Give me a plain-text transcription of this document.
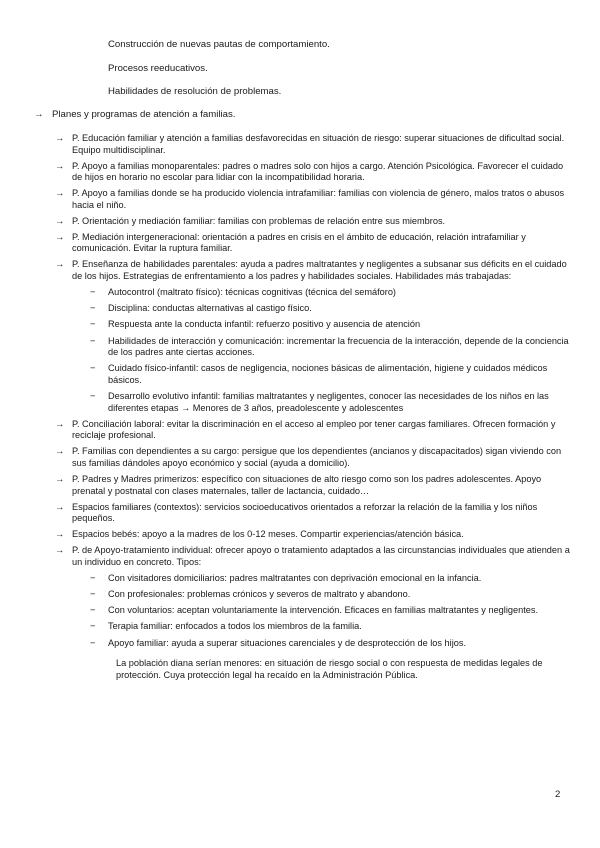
Construcción de nuevas pautas de comportamiento.
Procesos reeducativos.
Habilidades de resolución de problemas.
→ Planes y programas de atención a familias.
→ P. Educación familiar y atención a familias desfavorecidas en situación de riesgo: superar situaciones de dificultad social. Equipo multidisciplinar.
→ P. Apoyo a familias monoparentales: padres o madres solo con hijos a cargo. Atención Psicológica. Favorecer el cuidado de hijos en horario no escolar para lidiar con la incompatibilidad horaria.
→ P. Apoyo a familias donde se ha producido violencia intrafamiliar: familias con violencia de género, malos tratos o abusos hacia el niño.
→ P. Orientación y mediación familiar: familias con problemas de relación entre sus miembros.
→ P. Mediación intergeneracional: orientación a padres en crisis en el ámbito de educación, relación intrafamiliar y comunicación. Evitar la ruptura familiar.
→ P. Enseñanza de habilidades parentales: ayuda a padres maltratantes y negligentes a subsanar sus déficits en el cuidado de los hijos. Estrategias de enfrentamiento a los padres y habilidades sociales. Habilidades más trabajadas:
− Autocontrol (maltrato físico): técnicas cognitivas (técnica del semáforo)
− Disciplina: conductas alternativas al castigo físico.
− Respuesta ante la conducta infantil: refuerzo positivo y ausencia de atención
− Habilidades de interacción y comunicación: incrementar la frecuencia de la interacción, depende de la conciencia de los padres ante ciertas acciones.
− Cuidado físico-infantil: casos de negligencia, nociones básicas de alimentación, higiene y cuidados médicos básicos.
− Desarrollo evolutivo infantil: familias maltratantes y negligentes, conocer las necesidades de los niños en las diferentes etapas → Menores de 3 años, preadolescente y adolescentes
→ P. Conciliación laboral: evitar la discriminación en el acceso al empleo por tener cargas familiares. Ofrecen formación y reciclaje profesional.
→ P. Familias con dependientes a su cargo: persigue que los dependientes (ancianos y discapacitados) sigan viviendo con sus familias dándoles apoyo económico y social (ayuda a domicilio).
→ P. Padres y Madres primerizos: específico con situaciones de alto riesgo como son los padres adolescentes. Apoyo prenatal y postnatal con clases maternales, taller de lactancia, cuidado…
→ Espacios familiares (contextos): servicios socioeducativos orientados a reforzar la relación de la familia y los niños pequeños.
→ Espacios bebés: apoyo a la madres de los 0-12 meses. Compartir experiencias/atención básica.
→ P. de Apoyo-tratamiento individual: ofrecer apoyo o tratamiento adaptados a las circunstancias individuales que atienden a un individuo en concreto. Tipos:
− Con visitadores domiciliarios: padres maltratantes con deprivación emocional en la infancia.
− Con profesionales: problemas crónicos y severos de maltrato y abandono.
− Con voluntarios: aceptan voluntariamente la intervención. Eficaces en familias maltratantes y negligentes.
− Terapia familiar: enfocados a todos los miembros de la familia.
− Apoyo familiar: ayuda a superar situaciones carenciales y de desprotección de los hijos.
La población diana serían menores: en situación de riesgo social o con respuesta de medidas legales de protección. Cuya protección legal ha recaído en la Administración Pública.
2
